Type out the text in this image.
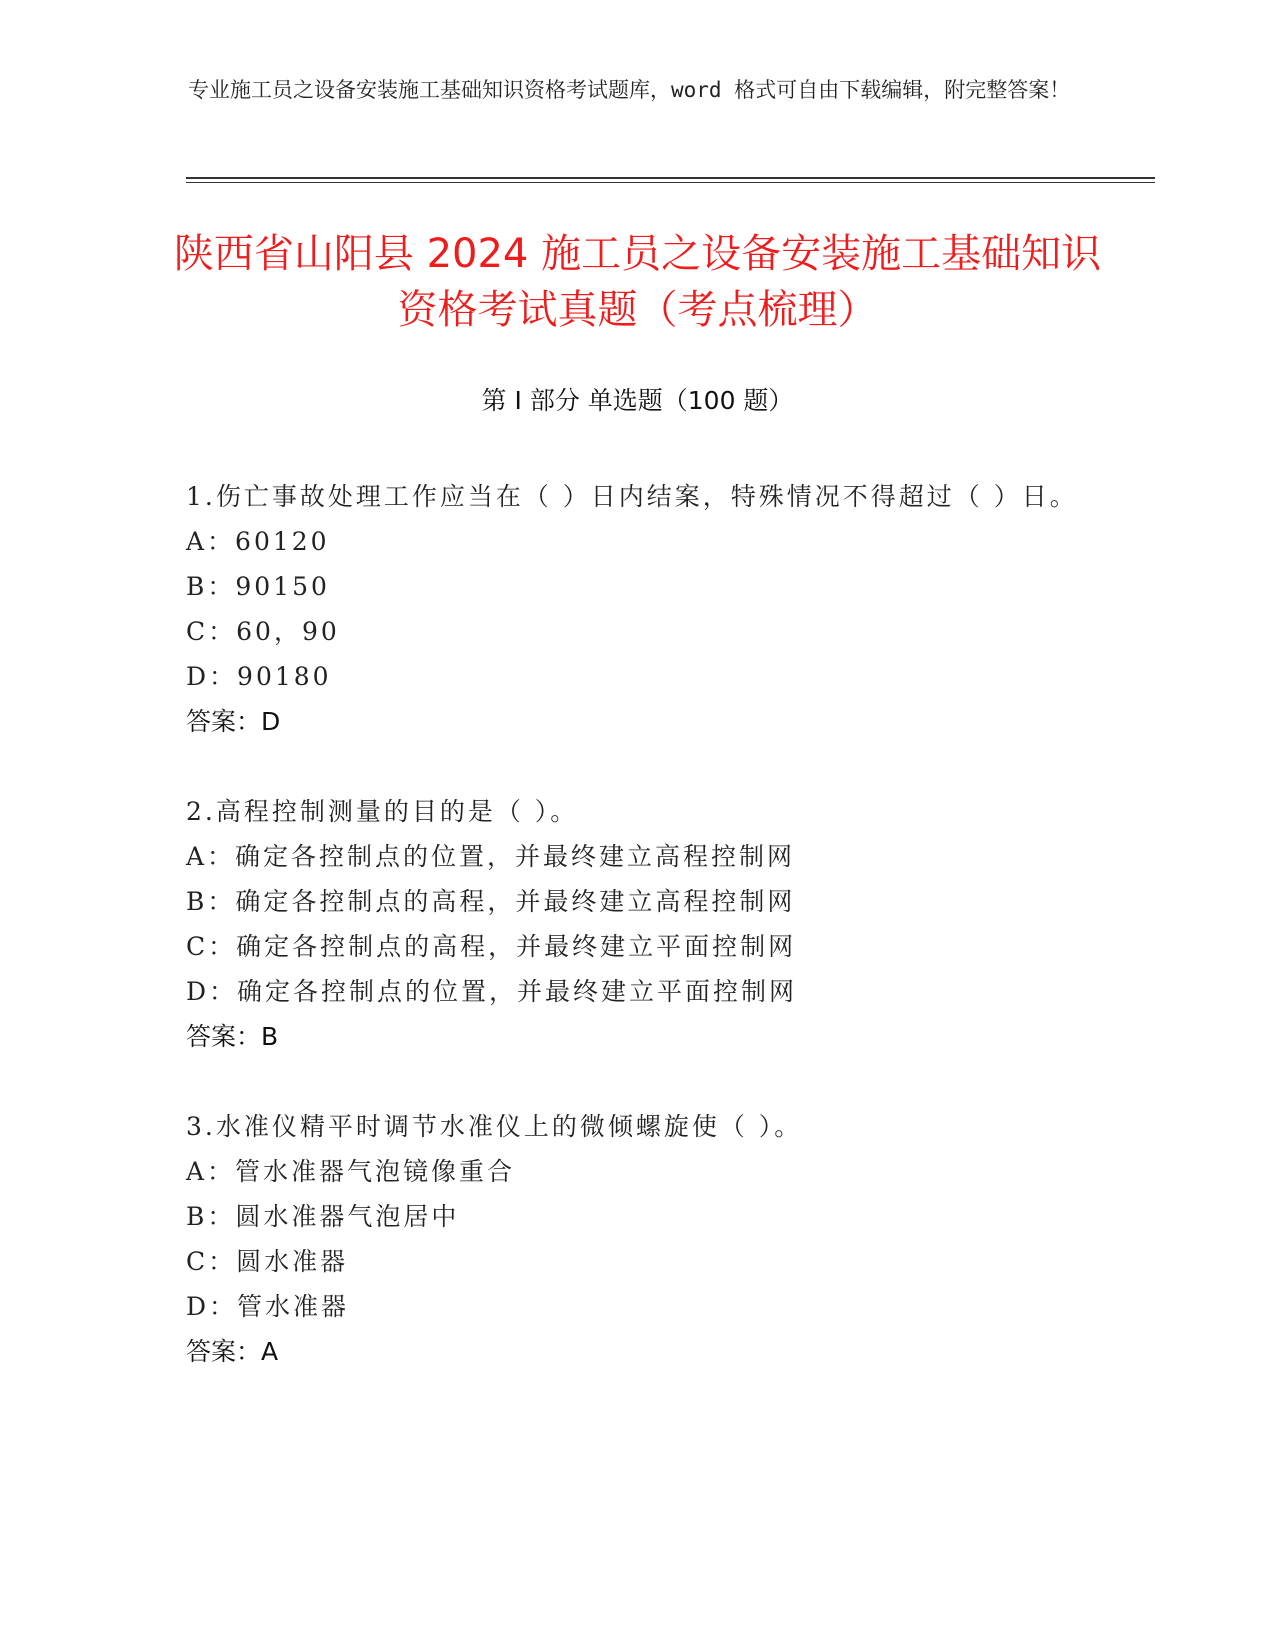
专业施工员之设备安装施工基础知识资格考试题库，word 格式可自由下载编辑，附完整答案！
陕西省山阳县 2024 施工员之设备安装施工基础知识资格考试真题（考点梳理）
第 I 部分 单选题（100 题）
1.伤亡事故处理工作应当在（ ）日内结案，特殊情况不得超过（ ）日。
A：60120
B：90150
C：60，90
D：90180
答案：D
2.高程控制测量的目的是（ ）。
A：确定各控制点的位置，并最终建立高程控制网
B：确定各控制点的高程，并最终建立高程控制网
C：确定各控制点的高程，并最终建立平面控制网
D：确定各控制点的位置，并最终建立平面控制网
答案：B
3.水准仪精平时调节水准仪上的微倾螺旋使（ ）。
A：管水准器气泡镜像重合
B：圆水准器气泡居中
C：圆水准器
D：管水准器
答案：A
